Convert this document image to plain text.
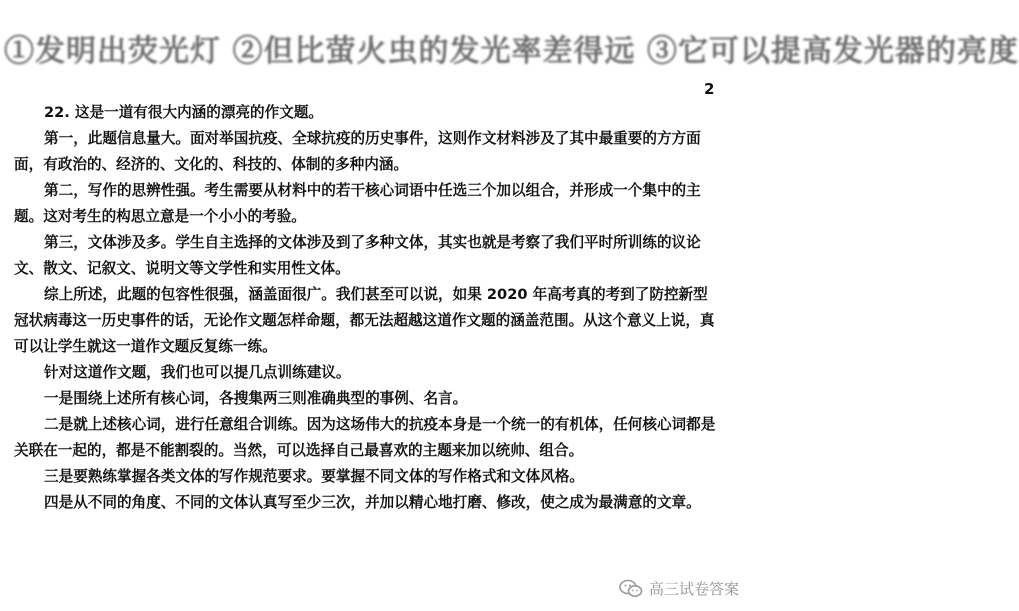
①发明出荧光灯 ②但比萤火虫的发光率差得远 ③它可以提高发光器的亮度
2

22. 这是一道有很大内涵的漂亮的作文题。

第一，此题信息量大。面对举国抗疫、全球抗疫的历史事件，这则作文材料涉及了其中最重要的方方面面，有政治的、经济的、文化的、科技的、体制的多种内涵。

第二，写作的思辨性强。考生需要从材料中的若干核心词语中任选三个加以组合，并形成一个集中的主题。这对考生的构思立意是一个小小的考验。

第三，文体涉及多。学生自主选择的文体涉及到了多种文体，其实也就是考察了我们平时所训练的议论文、散文、记叙文、说明文等文学性和实用性文体。

综上所述，此题的包容性很强，涵盖面很广。我们甚至可以说，如果 2020 年高考真的考到了防控新型冠状病毒这一历史事件的话，无论作文题怎样命题，都无法超越这道作文题的涵盖范围。从这个意义上说，真可以让学生就这一道作文题反复练一练。

针对这道作文题，我们也可以提几点训练建议。

一是围绕上述所有核心词，各搜集两三则准确典型的事例、名言。

二是就上述核心词，进行任意组合训练。因为这场伟大的抗疫本身是一个统一的有机体，任何核心词都是关联在一起的，都是不能割裂的。当然，可以选择自己最喜欢的主题来加以统帅、组合。

三是要熟练掌握各类文体的写作规范要求。要掌握不同文体的写作格式和文体风格。

四是从不同的角度、不同的文体认真写至少三次，并加以精心地打磨、修改，使之成为最满意的文章。

高三试卷答案
